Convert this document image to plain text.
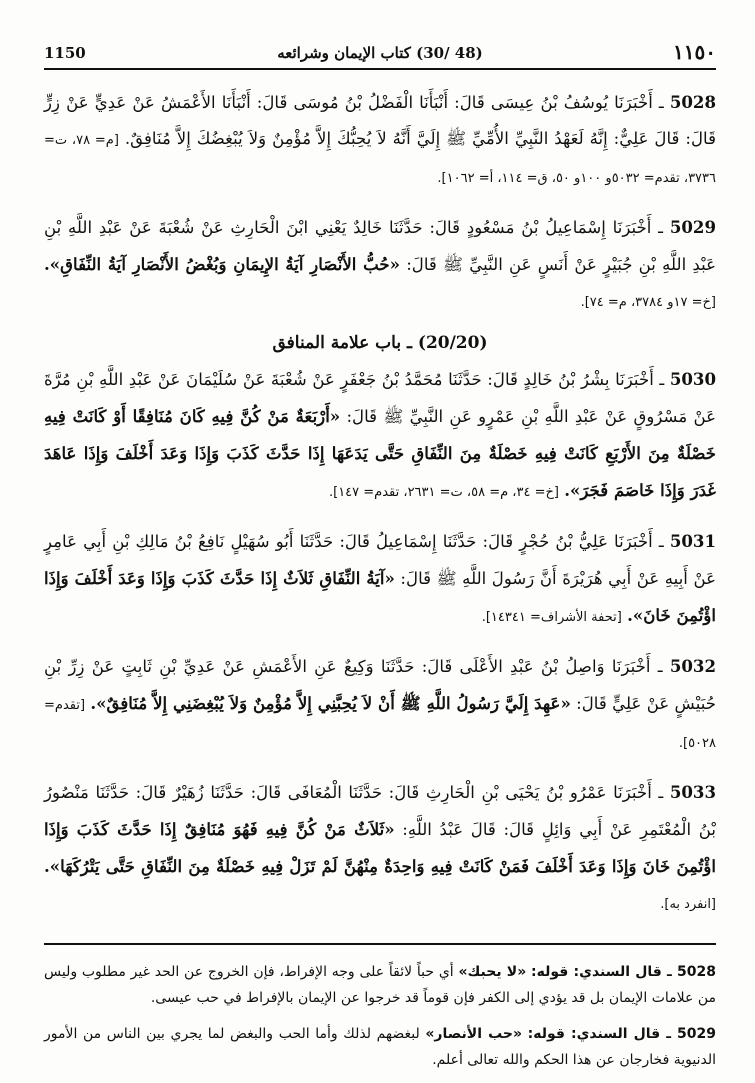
1150	(48 /30) كتاب الإيمان وشرائعه	١١٥٠

5028 ـ أَخْبَرَنَا يُوسُفُ بْنُ عِيسَى قَالَ: أَنْبَأَنَا الْفَضْلُ بْنُ مُوسَى قَالَ: أَنْبَأَنَا الأَعْمَشُ عَنْ عَدِيٍّ عَنْ زِرٍّ قَالَ: قَالَ عَلِيٌّ: إِنَّهُ لَعَهْدُ النَّبِيِّ الأُمِّيِّ ﷺ إِلَيَّ أَنَّهُ لاَ يُحِبُّكَ إِلاَّ مُؤْمِنٌ وَلاَ يُبْغِضُكَ إِلاَّ مُنَافِقٌ. [م= ٧٨، ت= ٣٧٣٦، تقدم= ٥٠٣٢و ١٠٠و ٥٠، ق= ١١٤، أ= ١٠٦٢].

5029 ـ أَخْبَرَنَا إِسْمَاعِيلُ بْنُ مَسْعُودٍ قَالَ: حَدَّثَنَا خَالِدٌ يَعْنِي ابْنَ الْحَارِثِ عَنْ شُعْبَةَ عَنْ عَبْدِ اللَّهِ بْنِ عَبْدِ اللَّهِ بْنِ جُبَيْرٍ عَنْ أَنَسٍ عَنِ النَّبِيِّ ﷺ قَالَ: «حُبُّ الأَنْصَارِ آيَةُ الإِيمَانِ وَبُغْضُ الأَنْصَارِ آيَةُ النِّفَاقِ». [خ= ١٧و ٣٧٨٤، م= ٧٤].

(20/20) ـ باب علامة المنافق

5030 ـ أَخْبَرَنَا بِشْرُ بْنُ خَالِدٍ قَالَ: حَدَّثَنَا مُحَمَّدُ بْنُ جَعْفَرٍ عَنْ شُعْبَةَ عَنْ سُلَيْمَانَ عَنْ عَبْدِ اللَّهِ بْنِ مُرَّةَ عَنْ مَسْرُوقٍ عَنْ عَبْدِ اللَّهِ بْنِ عَمْرٍو عَنِ النَّبِيِّ ﷺ قَالَ: «أَرْبَعَةٌ مَنْ كُنَّ فِيهِ كَانَ مُنَافِقًا أَوْ كَانَتْ فِيهِ خَصْلَةٌ مِنَ الأَرْبَعِ كَانَتْ فِيهِ خَصْلَةٌ مِنَ النِّفَاقِ حَتَّى يَدَعَهَا إِذَا حَدَّثَ كَذَبَ وَإِذَا وَعَدَ أَخْلَفَ وَإِذَا عَاهَدَ غَدَرَ وَإِذَا خَاصَمَ فَجَرَ». [خ= ٣٤، م= ٥٨، ت= ٢٦٣١، تقدم= ١٤٧].

5031 ـ أَخْبَرَنَا عَلِيُّ بْنُ حُجْرٍ قَالَ: حَدَّثَنَا إِسْمَاعِيلُ قَالَ: حَدَّثَنَا أَبُو سُهَيْلٍ نَافِعُ بْنُ مَالِكِ بْنِ أَبِي عَامِرٍ عَنْ أَبِيهِ عَنْ أَبِي هُرَيْرَةَ أَنَّ رَسُولَ اللَّهِ ﷺ قَالَ: «آيَةُ النِّفَاقِ ثَلاَثٌ إِذَا حَدَّثَ كَذَبَ وَإِذَا وَعَدَ أَخْلَفَ وَإِذَا اؤْتُمِنَ خَانَ». [تحفة الأشراف= ١٤٣٤١].

5032 ـ أَخْبَرَنَا وَاصِلُ بْنُ عَبْدِ الأَعْلَى قَالَ: حَدَّثَنَا وَكِيعٌ عَنِ الأَعْمَشِ عَنْ عَدِيِّ بْنِ ثَابِتٍ عَنْ زِرِّ بْنِ حُبَيْشٍ عَنْ عَلِيٍّ قَالَ: «عَهِدَ إِلَيَّ رَسُولُ اللَّهِ ﷺ أَنْ لاَ يُحِبَّنِي إِلاَّ مُؤْمِنٌ وَلاَ يُبْغِضَنِي إِلاَّ مُنَافِقٌ». [تقدم= ٥٠٢٨].

5033 ـ أَخْبَرَنَا عَمْرُو بْنُ يَحْيَى بْنِ الْحَارِثِ قَالَ: حَدَّثَنَا الْمُعَافَى قَالَ: حَدَّثَنَا زُهَيْرٌ قَالَ: حَدَّثَنَا مَنْصُورُ بْنُ الْمُعْتَمِرِ عَنْ أَبِي وَائِلٍ قَالَ: قَالَ عَبْدُ اللَّهِ: «ثَلاَثٌ مَنْ كُنَّ فِيهِ فَهُوَ مُنَافِقٌ إِذَا حَدَّثَ كَذَبَ وَإِذَا اؤْتُمِنَ خَانَ وَإِذَا وَعَدَ أَخْلَفَ فَمَنْ كَانَتْ فِيهِ وَاحِدَةٌ مِنْهُنَّ لَمْ تَزَلْ فِيهِ خَصْلَةٌ مِنَ النِّفَاقِ حَتَّى يَتْرُكَهَا». [انفرد به].

5028 ـ قال السندي: قوله: «لا يحبك» أي حباً لائقاً على وجه الإفراط، فإن الخروج عن الحد غير مطلوب وليس من علامات الإيمان بل قد يؤدي إلى الكفر فإن قوماً قد خرجوا عن الإيمان بالإفراط في حب عيسى.

5029 ـ قال السندي: قوله: «حب الأنصار» لبغضهم لذلك وأما الحب والبغض لما يجري بين الناس من الأمور الدنيوية فخارجان عن هذا الحكم والله تعالى أعلم.
